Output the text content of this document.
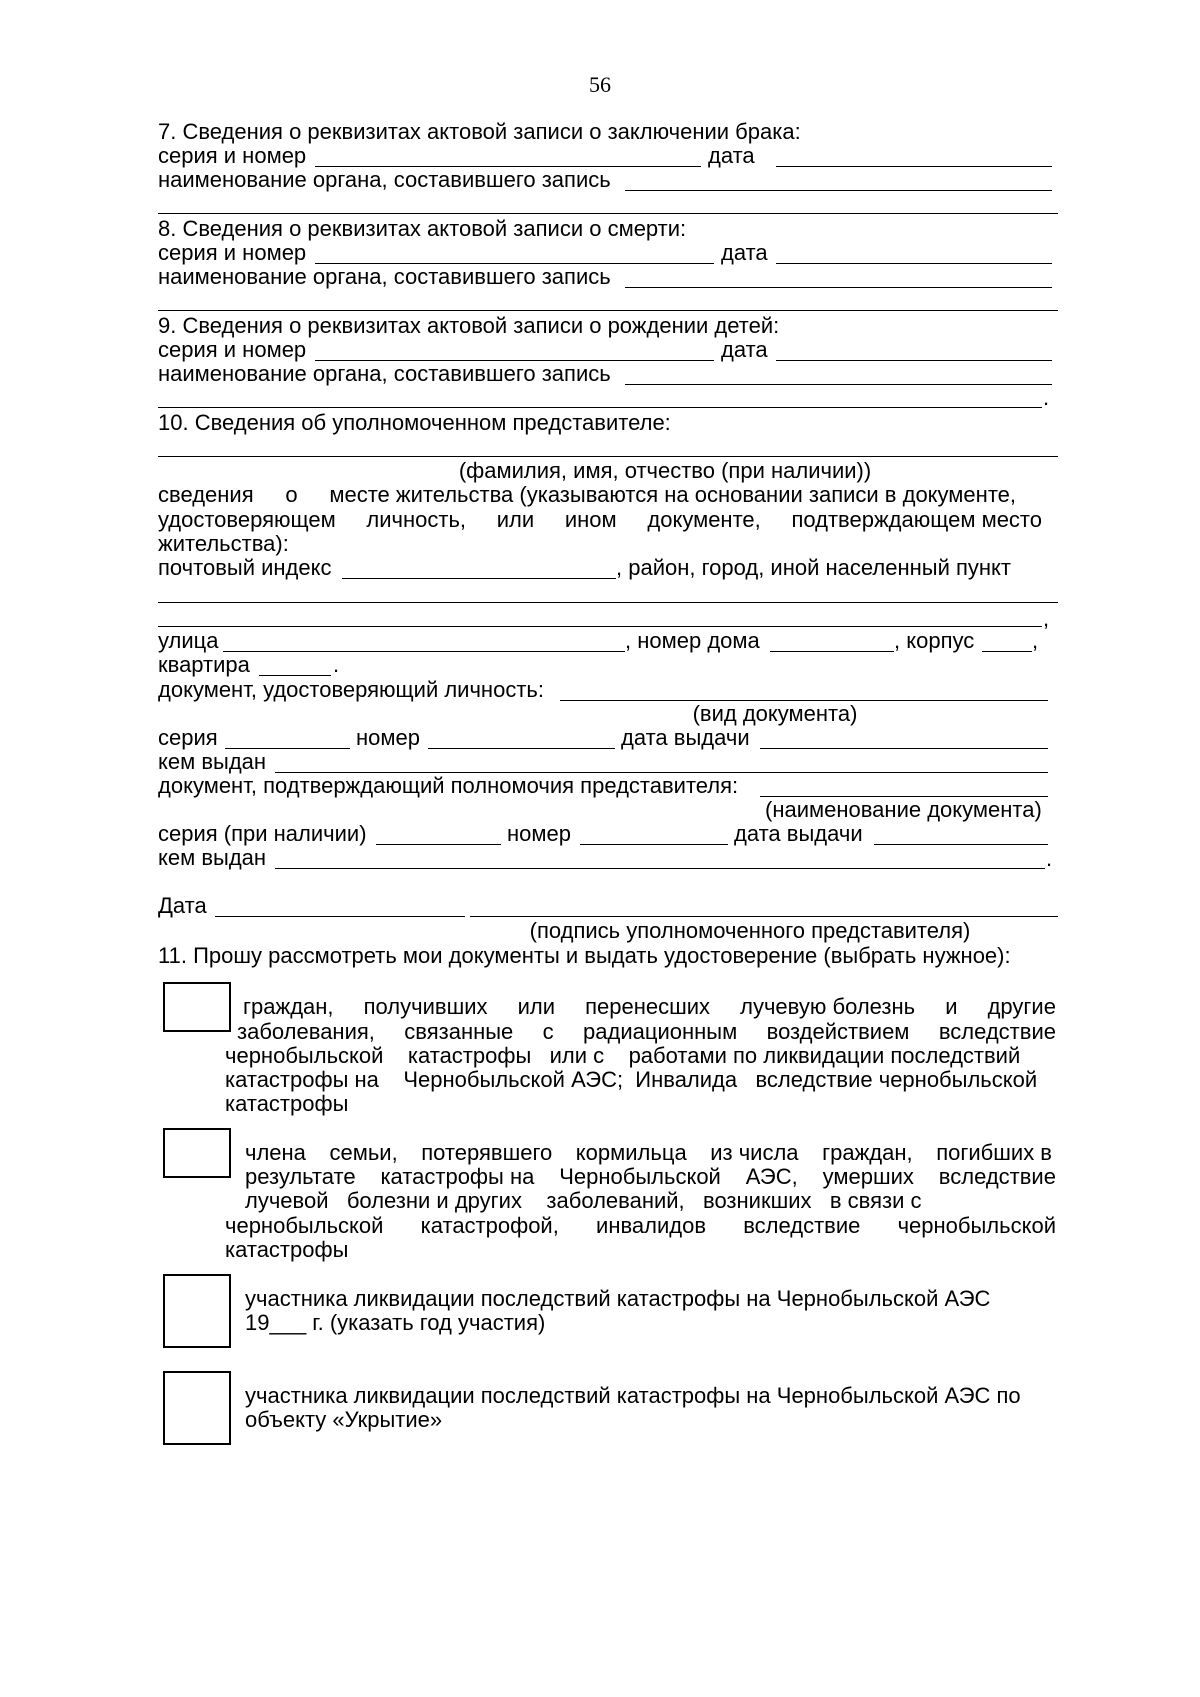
56
7. Сведения о реквизитах актовой записи о заключении брака:
серия и номер	дата
наименование органа, составившего запись
8. Сведения о реквизитах актовой записи о смерти:
серия и номер	дата
наименование органа, составившего запись
9. Сведения о реквизитах актовой записи о рождении детей:
серия и номер	дата
наименование органа, составившего запись
.
10. Сведения об уполномоченном представителе:
(фамилия, имя, отчество (при наличии))
сведения о месте жительства (указываются на основании записи в документе,
удостоверяющем личность, или ином документе, подтверждающем место
жительства):
почтовый индекс	, район, город, иной населенный пункт
,
улица	, номер дома	, корпус	,
квартира	.
документ, удостоверяющий личность:
(вид документа)
серия	номер	дата выдачи
кем выдан
документ, подтверждающий полномочия представителя:
(наименование документа)
серия (при наличии)	номер	дата выдачи
кем выдан	.
Дата
(подпись уполномоченного представителя)
11. Прошу рассмотреть мои документы и выдать удостоверение (выбрать нужное):
граждан, получивших или перенесших лучевую болезнь и другие
заболевания, связанные с радиационным воздействием вследствие
чернобыльской    катастрофы   или с    работами по ликвидации последствий
катастрофы на    Чернобыльской АЭС;  Инвалида   вследствие чернобыльской
катастрофы
члена семьи, потерявшего кормильца из числа граждан, погибших в
результате катастрофы на Чернобыльской АЭС, умерших вследствие
лучевой   болезни и других    заболеваний,   возникших   в связи с
чернобыльской катастрофой, инвалидов вследствие чернобыльской
катастрофы
участника ликвидации последствий катастрофы на Чернобыльской АЭС
19___ г. (указать год участия)
участника ликвидации последствий катастрофы на Чернобыльской АЭС по
объекту «Укрытие»
